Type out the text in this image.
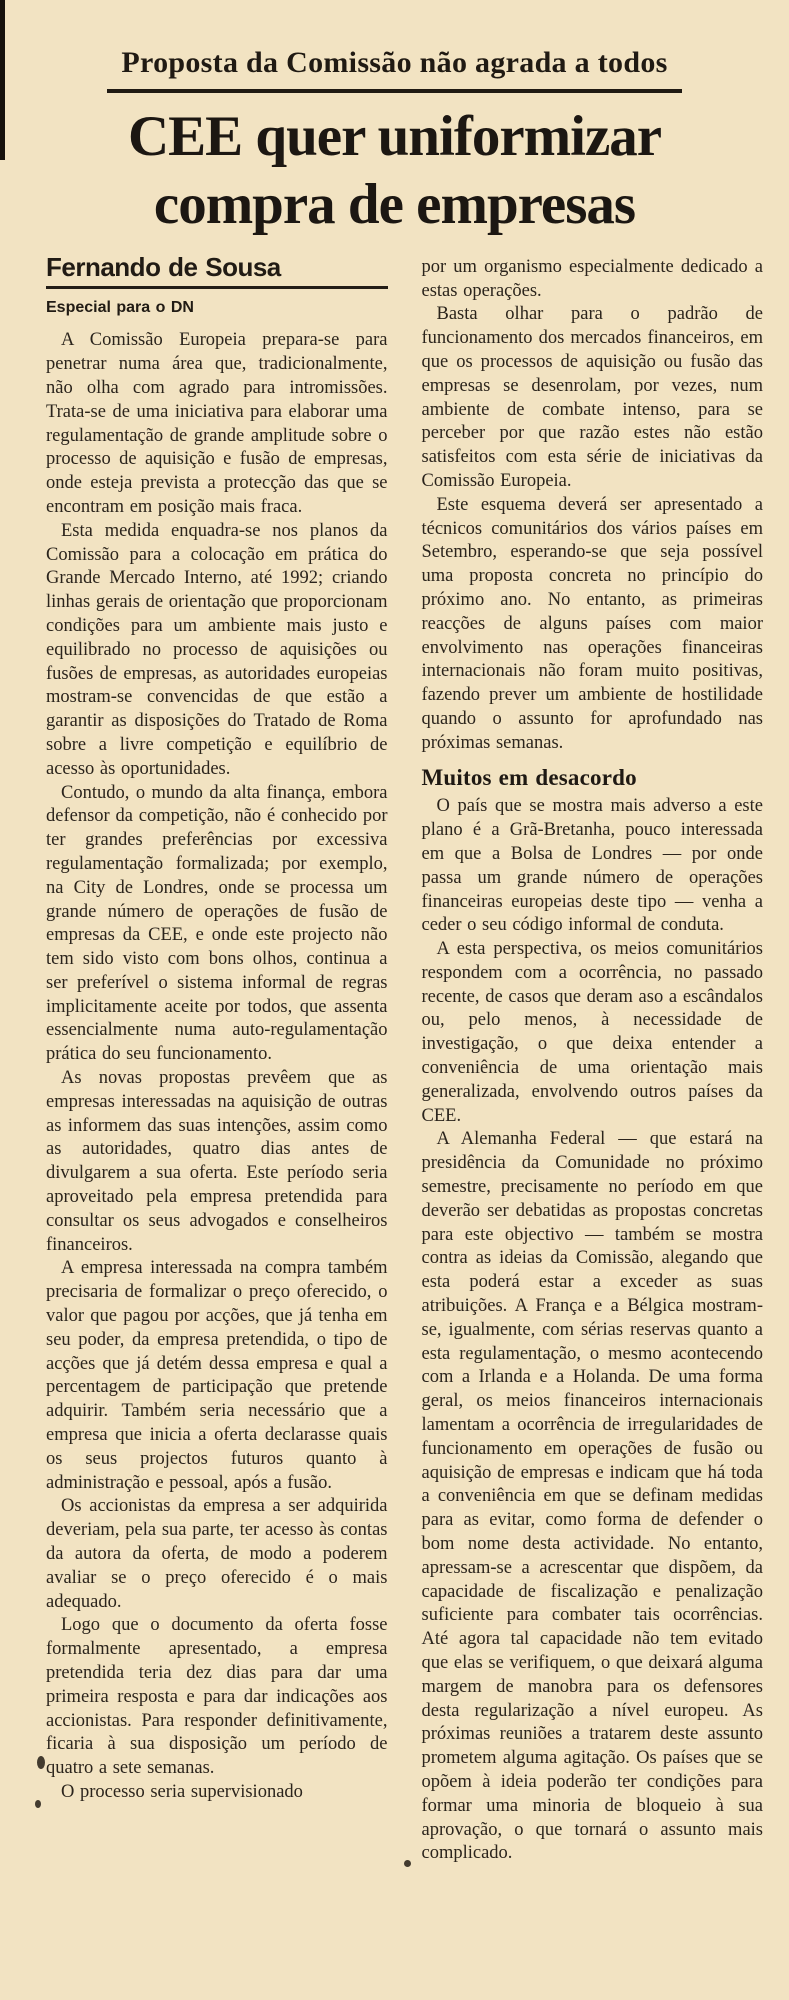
Proposta da Comissão não agrada a todos
CEE quer uniformizar
compra de empresas
Fernando de Sousa
Especial para o DN

A Comissão Europeia prepara-se para penetrar numa área que, tradicionalmente, não olha com agrado para intromissões. Trata-se de uma iniciativa para elaborar uma regulamentação de grande amplitude sobre o processo de aquisição e fusão de empresas, onde esteja prevista a protecção das que se encontram em posição mais fraca.

Esta medida enquadra-se nos planos da Comissão para a colocação em prática do Grande Mercado Interno, até 1992; criando linhas gerais de orientação que proporcionam condições para um ambiente mais justo e equilibrado no processo de aquisições ou fusões de empresas, as autoridades europeias mostram-se convencidas de que estão a garantir as disposições do Tratado de Roma sobre a livre competição e equilíbrio de acesso às oportunidades.

Contudo, o mundo da alta finança, embora defensor da competição, não é conhecido por ter grandes preferências por excessiva regulamentação formalizada; por exemplo, na City de Londres, onde se processa um grande número de operações de fusão de empresas da CEE, e onde este projecto não tem sido visto com bons olhos, continua a ser preferível o sistema informal de regras implicitamente aceite por todos, que assenta essencialmente numa auto-regulamentação prática do seu funcionamento.

As novas propostas prevêem que as empresas interessadas na aquisição de outras as informem das suas intenções, assim como as autoridades, quatro dias antes de divulgarem a sua oferta. Este período seria aproveitado pela empresa pretendida para consultar os seus advogados e conselheiros financeiros.

A empresa interessada na compra também precisaria de formalizar o preço oferecido, o valor que pagou por acções, que já tenha em seu poder, da empresa pretendida, o tipo de acções que já detém dessa empresa e qual a percentagem de participação que pretende adquirir. Também seria necessário que a empresa que inicia a oferta declarasse quais os seus projectos futuros quanto à administração e pessoal, após a fusão.

Os accionistas da empresa a ser adquirida deveriam, pela sua parte, ter acesso às contas da autora da oferta, de modo a poderem avaliar se o preço oferecido é o mais adequado.

Logo que o documento da oferta fosse formalmente apresentado, a empresa pretendida teria dez dias para dar uma primeira resposta e para dar indicações aos accionistas. Para responder definitivamente, ficaria à sua disposição um período de quatro a sete semanas.

O processo seria supervisionado

por um organismo especialmente dedicado a estas operações.

Basta olhar para o padrão de funcionamento dos mercados financeiros, em que os processos de aquisição ou fusão das empresas se desenrolam, por vezes, num ambiente de combate intenso, para se perceber por que razão estes não estão satisfeitos com esta série de iniciativas da Comissão Europeia.

Este esquema deverá ser apresentado a técnicos comunitários dos vários países em Setembro, esperando-se que seja possível uma proposta concreta no princípio do próximo ano. No entanto, as primeiras reacções de alguns países com maior envolvimento nas operações financeiras internacionais não foram muito positivas, fazendo prever um ambiente de hostilidade quando o assunto for aprofundado nas próximas semanas.

Muitos em desacordo

O país que se mostra mais adverso a este plano é a Grã-Bretanha, pouco interessada em que a Bolsa de Londres — por onde passa um grande número de operações financeiras europeias deste tipo — venha a ceder o seu código informal de conduta.

A esta perspectiva, os meios comunitários respondem com a ocorrência, no passado recente, de casos que deram aso a escândalos ou, pelo menos, à necessidade de investigação, o que deixa entender a conveniência de uma orientação mais generalizada, envolvendo outros países da CEE.

A Alemanha Federal — que estará na presidência da Comunidade no próximo semestre, precisamente no período em que deverão ser debatidas as propostas concretas para este objectivo — também se mostra contra as ideias da Comissão, alegando que esta poderá estar a exceder as suas atribuições. A França e a Bélgica mostram-se, igualmente, com sérias reservas quanto a esta regulamentação, o mesmo acontecendo com a Irlanda e a Holanda. De uma forma geral, os meios financeiros internacionais lamentam a ocorrência de irregularidades de funcionamento em operações de fusão ou aquisição de empresas e indicam que há toda a conveniência em que se definam medidas para as evitar, como forma de defender o bom nome desta actividade. No entanto, apressam-se a acrescentar que dispõem, da capacidade de fiscalização e penalização suficiente para combater tais ocorrências. Até agora tal capacidade não tem evitado que elas se verifiquem, o que deixará alguma margem de manobra para os defensores desta regularização a nível europeu. As próximas reuniões a tratarem deste assunto prometem alguma agitação. Os países que se opõem à ideia poderão ter condições para formar uma minoria de bloqueio à sua aprovação, o que tornará o assunto mais complicado.
